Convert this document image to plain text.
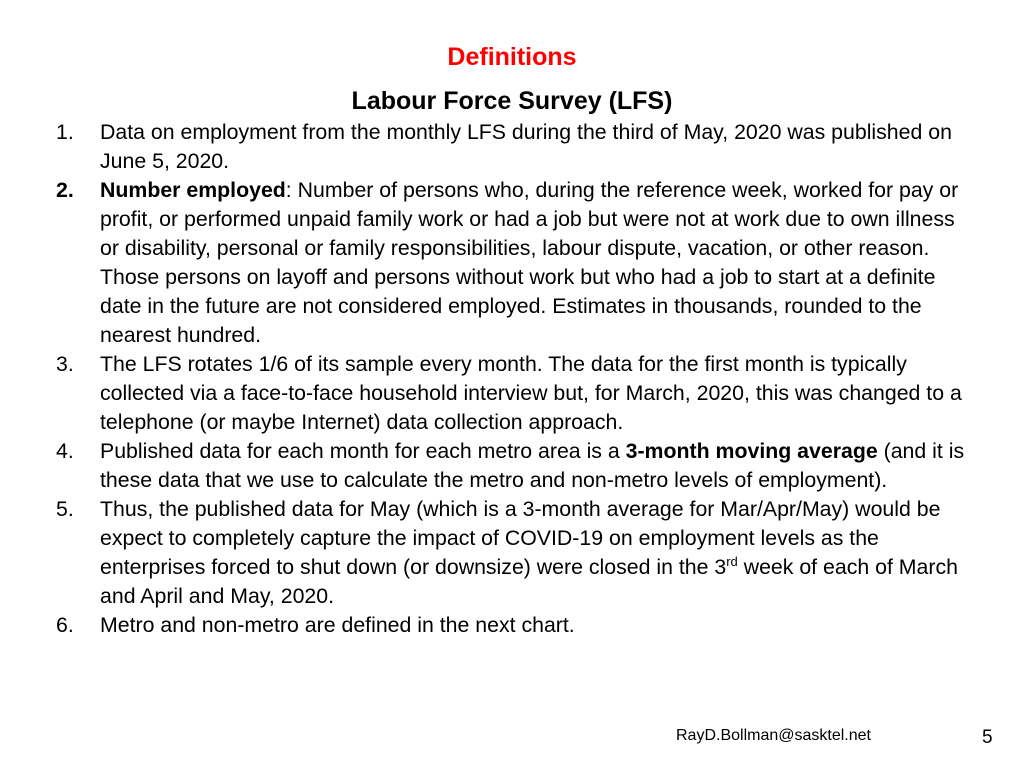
Definitions
Labour Force Survey (LFS)
1.	Data on employment from the monthly LFS during the third of May, 2020 was published on June 5, 2020.
2.	Number employed: Number of persons who, during the reference week, worked for pay or profit, or performed unpaid family work or had a job but were not at work due to own illness or disability, personal or family responsibilities, labour dispute, vacation, or other reason. Those persons on layoff and persons without work but who had a job to start at a definite date in the future are not considered employed. Estimates in thousands, rounded to the nearest hundred.
3.	The LFS rotates 1/6 of its sample every month. The data for the first month is typically collected via a face-to-face household interview but, for March, 2020, this was changed to a telephone (or maybe Internet) data collection approach.
4.	Published data for each month for each metro area is a 3-month moving average (and it is these data that we use to calculate the metro and non-metro levels of employment).
5.	Thus, the published data for May (which is a 3-month average for Mar/Apr/May) would be expect to completely capture the impact of COVID-19 on employment levels as the enterprises forced to shut down (or downsize) were closed in the 3rd week of each of March and April and May, 2020.
6.	Metro and non-metro are defined in the next chart.
RayD.Bollman@sasktel.net	5
